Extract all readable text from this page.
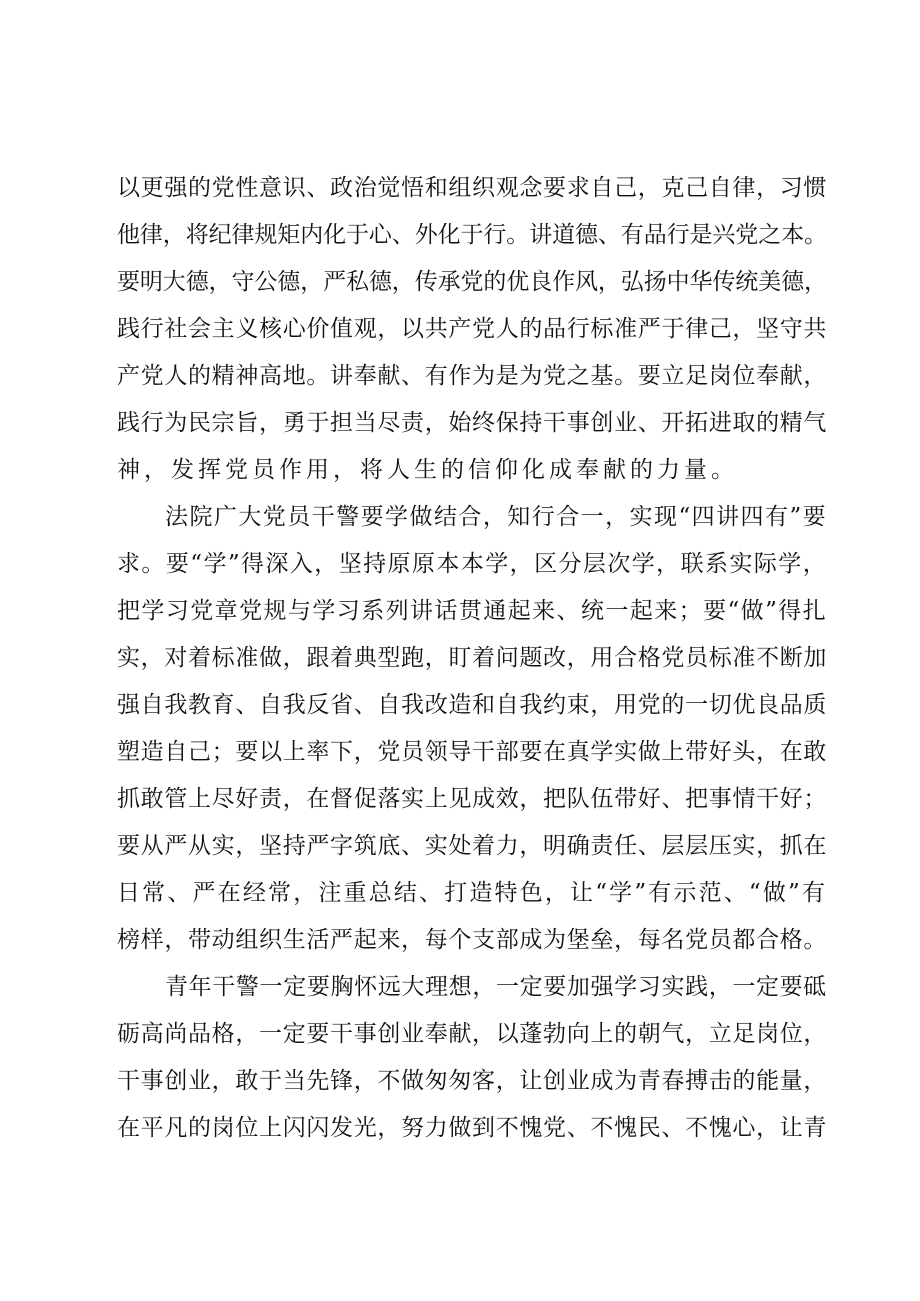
以更强的党性意识、政治觉悟和组织观念要求自己，克己自律，习惯
他律，将纪律规矩内化于心、外化于行。讲道德、有品行是兴党之本。
要明大德，守公德，严私德，传承党的优良作风，弘扬中华传统美德，
践行社会主义核心价值观，以共产党人的品行标准严于律己，坚守共
产党人的精神高地。讲奉献、有作为是为党之基。要立足岗位奉献，
践行为民宗旨，勇于担当尽责，始终保持干事创业、开拓进取的精气
神，发挥党员作用，将人生的信仰化成奉献的力量。
法院广大党员干警要学做结合，知行合一，实现“四讲四有”要
求。要“学”得深入，坚持原原本本学，区分层次学，联系实际学，
把学习党章党规与学习系列讲话贯通起来、统一起来；要“做”得扎
实，对着标准做，跟着典型跑，盯着问题改，用合格党员标准不断加
强自我教育、自我反省、自我改造和自我约束，用党的一切优良品质
塑造自己；要以上率下，党员领导干部要在真学实做上带好头，在敢
抓敢管上尽好责，在督促落实上见成效，把队伍带好、把事情干好；
要从严从实，坚持严字筑底、实处着力，明确责任、层层压实，抓在
日常、严在经常，注重总结、打造特色，让“学”有示范、“做”有
榜样，带动组织生活严起来，每个支部成为堡垒，每名党员都合格。
青年干警一定要胸怀远大理想，一定要加强学习实践，一定要砥
砺高尚品格，一定要干事创业奉献，以蓬勃向上的朝气，立足岗位，
干事创业，敢于当先锋，不做匆匆客，让创业成为青春搏击的能量，
在平凡的岗位上闪闪发光，努力做到不愧党、不愧民、不愧心，让青
